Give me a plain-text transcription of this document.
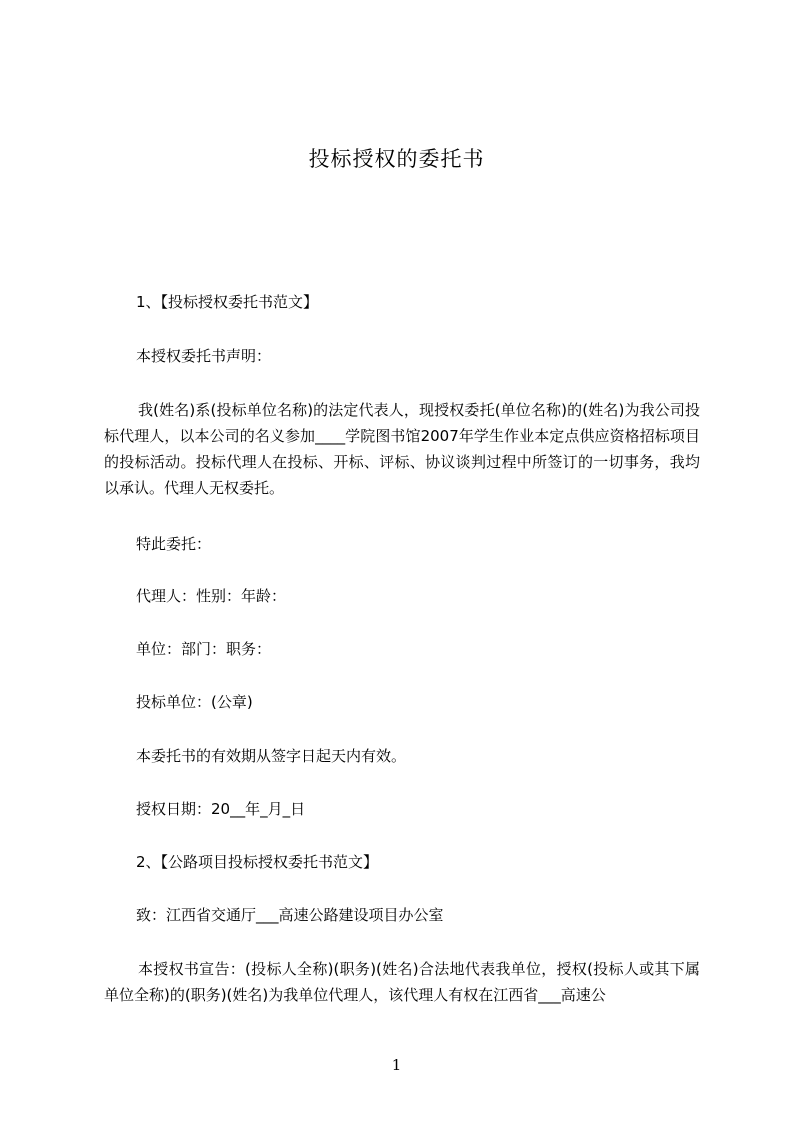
投标授权的委托书
1、【投标授权委托书范文】
本授权委托书声明：
我(姓名)系(投标单位名称)的法定代表人，现授权委托(单位名称)的(姓名)为我公司投标代理人，以本公司的名义参加____学院图书馆2007年学生作业本定点供应资格招标项目的投标活动。投标代理人在投标、开标、评标、协议谈判过程中所签订的一切事务，我均以承认。代理人无权委托。
特此委托：
代理人：性别：年龄：
单位：部门：职务：
投标单位：(公章)
本委托书的有效期从签字日起天内有效。
授权日期：20__年_月_日
2、【公路项目投标授权委托书范文】
致：江西省交通厅___高速公路建设项目办公室
本授权书宣告：(投标人全称)(职务)(姓名)合法地代表我单位，授权(投标人或其下属单位全称)的(职务)(姓名)为我单位代理人，该代理人有权在江西省___高速公
1
